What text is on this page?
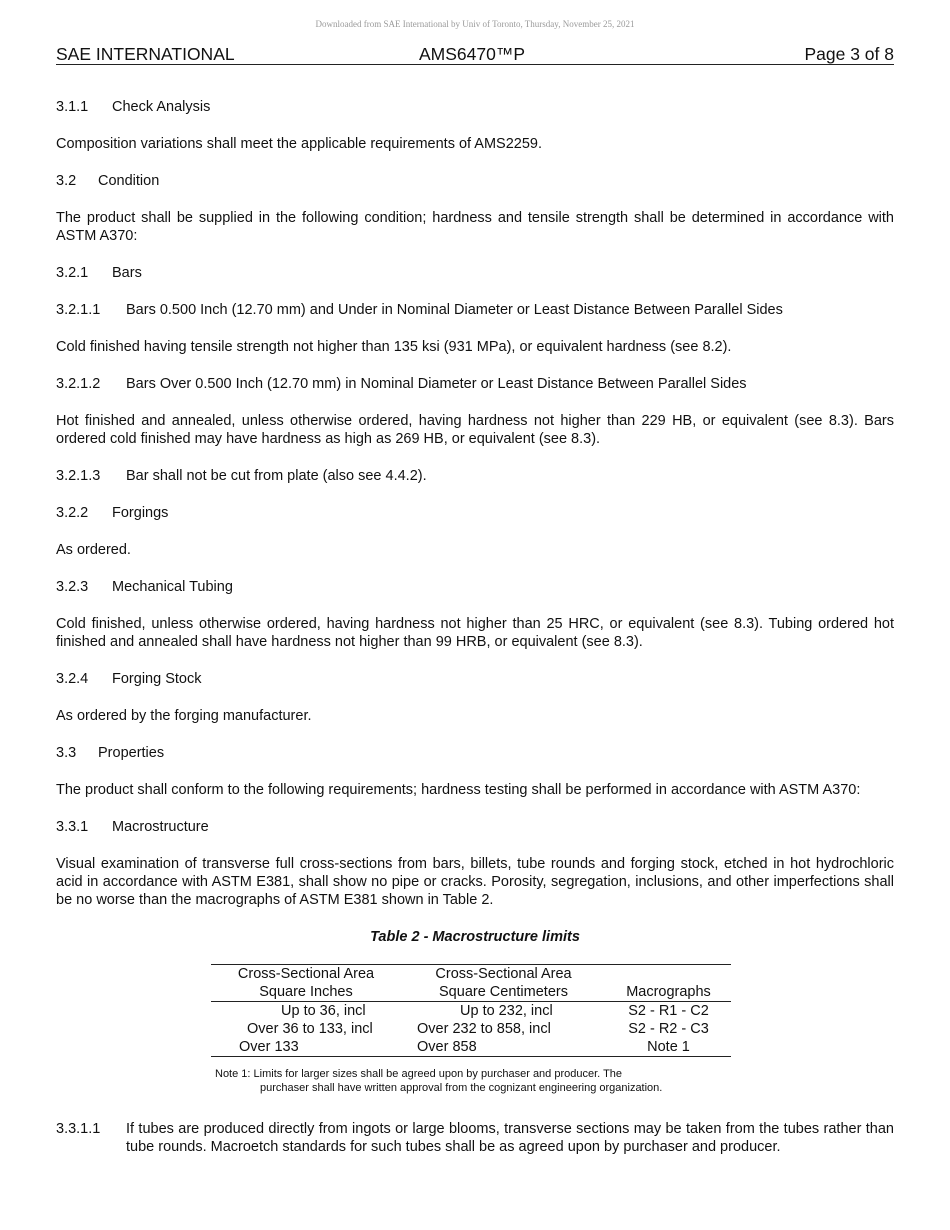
Downloaded from SAE International by Univ of Toronto, Thursday, November 25, 2021
SAE INTERNATIONAL	AMS6470™P	Page 3 of 8
3.1.1 Check Analysis
Composition variations shall meet the applicable requirements of AMS2259.
3.2 Condition
The product shall be supplied in the following condition; hardness and tensile strength shall be determined in accordance with ASTM A370:
3.2.1 Bars
3.2.1.1 Bars 0.500 Inch (12.70 mm) and Under in Nominal Diameter or Least Distance Between Parallel Sides
Cold finished having tensile strength not higher than 135 ksi (931 MPa), or equivalent hardness (see 8.2).
3.2.1.2 Bars Over 0.500 Inch (12.70 mm) in Nominal Diameter or Least Distance Between Parallel Sides
Hot finished and annealed, unless otherwise ordered, having hardness not higher than 229 HB, or equivalent (see 8.3). Bars ordered cold finished may have hardness as high as 269 HB, or equivalent (see 8.3).
3.2.1.3 Bar shall not be cut from plate (also see 4.4.2).
3.2.2 Forgings
As ordered.
3.2.3 Mechanical Tubing
Cold finished, unless otherwise ordered, having hardness not higher than 25 HRC, or equivalent (see 8.3). Tubing ordered hot finished and annealed shall have hardness not higher than 99 HRB, or equivalent (see 8.3).
3.2.4 Forging Stock
As ordered by the forging manufacturer.
3.3 Properties
The product shall conform to the following requirements; hardness testing shall be performed in accordance with ASTM A370:
3.3.1 Macrostructure
Visual examination of transverse full cross-sections from bars, billets, tube rounds and forging stock, etched in hot hydrochloric acid in accordance with ASTM E381, shall show no pipe or cracks. Porosity, segregation, inclusions, and other imperfections shall be no worse than the macrographs of ASTM E381 shown in Table 2.
Table 2 - Macrostructure limits
Cross-Sectional Area	Cross-Sectional Area	
Square Inches	Square Centimeters	Macrographs
Up to 36, incl	Up to 232, incl	S2 - R1 - C2
Over 36 to 133, incl	Over 232 to 858, incl	S2 - R2 - C3
Over 133	Over 858	Note 1
Note 1: Limits for larger sizes shall be agreed upon by purchaser and producer. The
purchaser shall have written approval from the cognizant engineering organization.
3.3.1.1 If tubes are produced directly from ingots or large blooms, transverse sections may be taken from the tubes rather than tube rounds. Macroetch standards for such tubes shall be as agreed upon by purchaser and producer.
